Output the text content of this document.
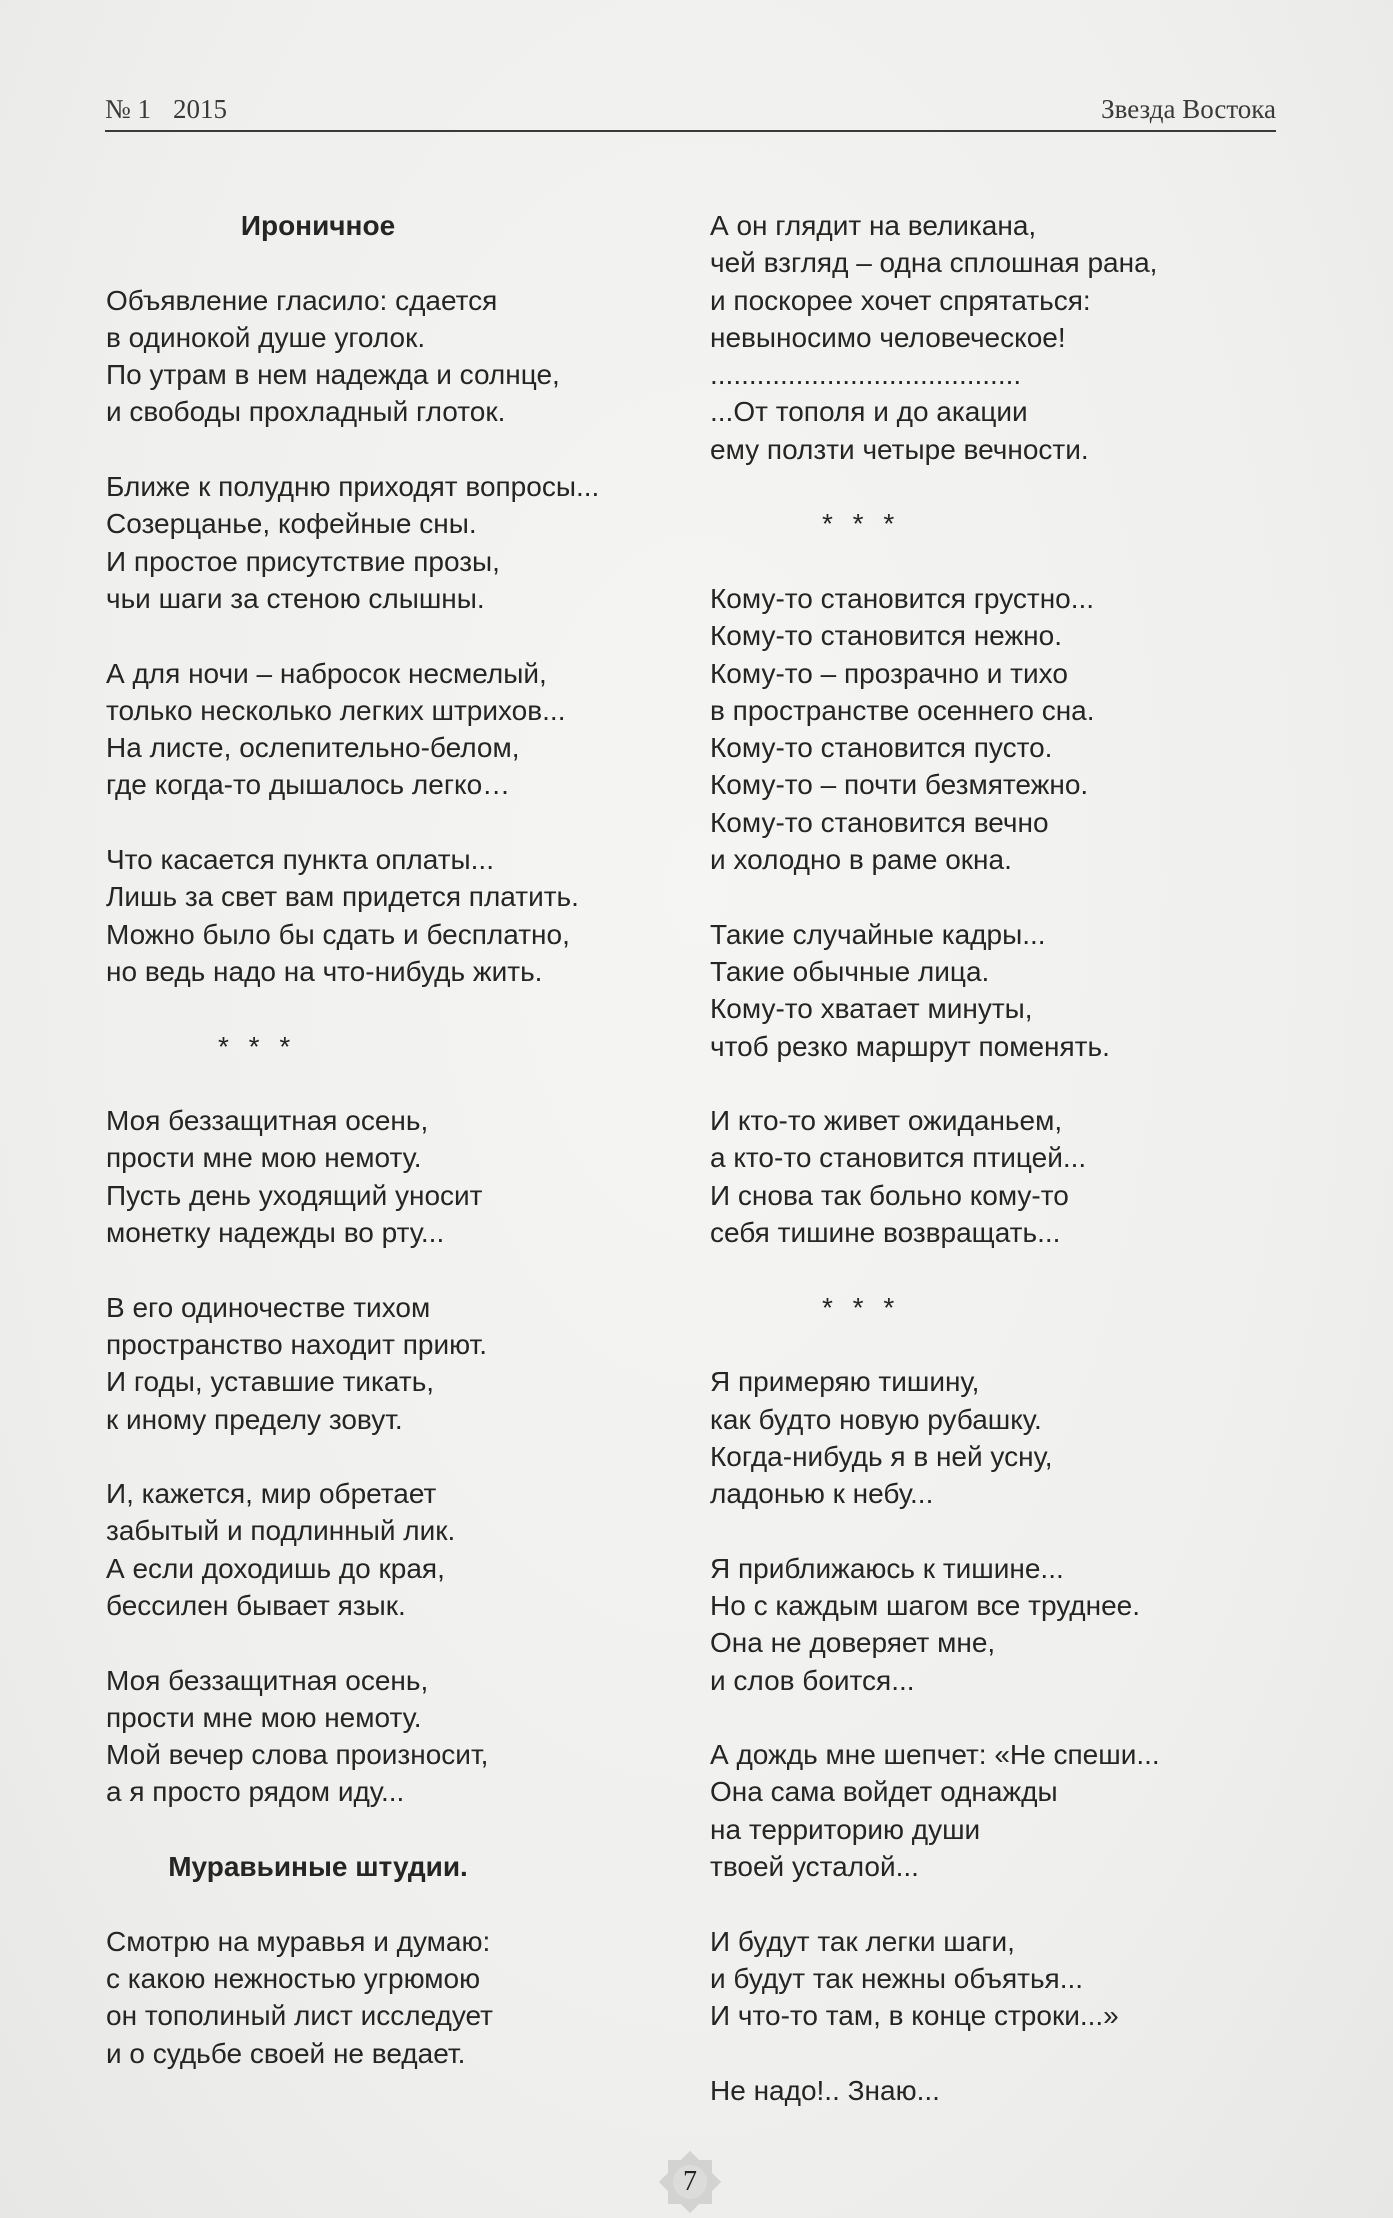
№ 1 2015	Звезда Востока
Ироничное
Объявление гласило: сдается
в одинокой душе уголок.
По утрам в нем надежда и солнце,
и свободы прохладный глоток.
Ближе к полудню приходят вопросы...
Созерцанье, кофейные сны.
И простое присутствие прозы,
чьи шаги за стеною слышны.
А для ночи – набросок несмелый,
только несколько легких штрихов...
На листе, ослепительно-белом,
где когда-то дышалось легко…
Что касается пункта оплаты...
Лишь за свет вам придется платить.
Можно было бы сдать и бесплатно,
но ведь надо на что-нибудь жить.
* * *
Моя беззащитная осень,
прости мне мою немоту.
Пусть день уходящий уносит
монетку надежды во рту...
В его одиночестве тихом
пространство находит приют.
И годы, уставшие тикать,
к иному пределу зовут.
И, кажется, мир обретает
забытый и подлинный лик.
А если доходишь до края,
бессилен бывает язык.
Моя беззащитная осень,
прости мне мою немоту.
Мой вечер слова произносит,
а я просто рядом иду...
Муравьиные штудии.
Смотрю на муравья и думаю:
с какою нежностью угрюмою
он тополиный лист исследует
и о судьбе своей не ведает.
А он глядит на великана,
чей взгляд – одна сплошная рана,
и поскорее хочет спрятаться:
невыносимо человеческое!
........................................
...От тополя и до акации
ему ползти четыре вечности.
* * *
Кому-то становится грустно...
Кому-то становится нежно.
Кому-то – прозрачно и тихо
в пространстве осеннего сна.
Кому-то становится пусто.
Кому-то – почти безмятежно.
Кому-то становится вечно
и холодно в раме окна.
Такие случайные кадры...
Такие обычные лица.
Кому-то хватает минуты,
чтоб резко маршрут поменять.
И кто-то живет ожиданьем,
а кто-то становится птицей...
И снова так больно кому-то
себя тишине возвращать...
* * *
Я примеряю тишину,
как будто новую рубашку.
Когда-нибудь я в ней усну,
ладонью к небу...
Я приближаюсь к тишине...
Но с каждым шагом все труднее.
Она не доверяет мне,
и слов боится...
А дождь мне шепчет: «Не спеши...
Она сама войдет однажды
на территорию души
твоей усталой...
И будут так легки шаги,
и будут так нежны объятья...
И что-то там, в конце строки...»
Не надо!.. Знаю...
7
